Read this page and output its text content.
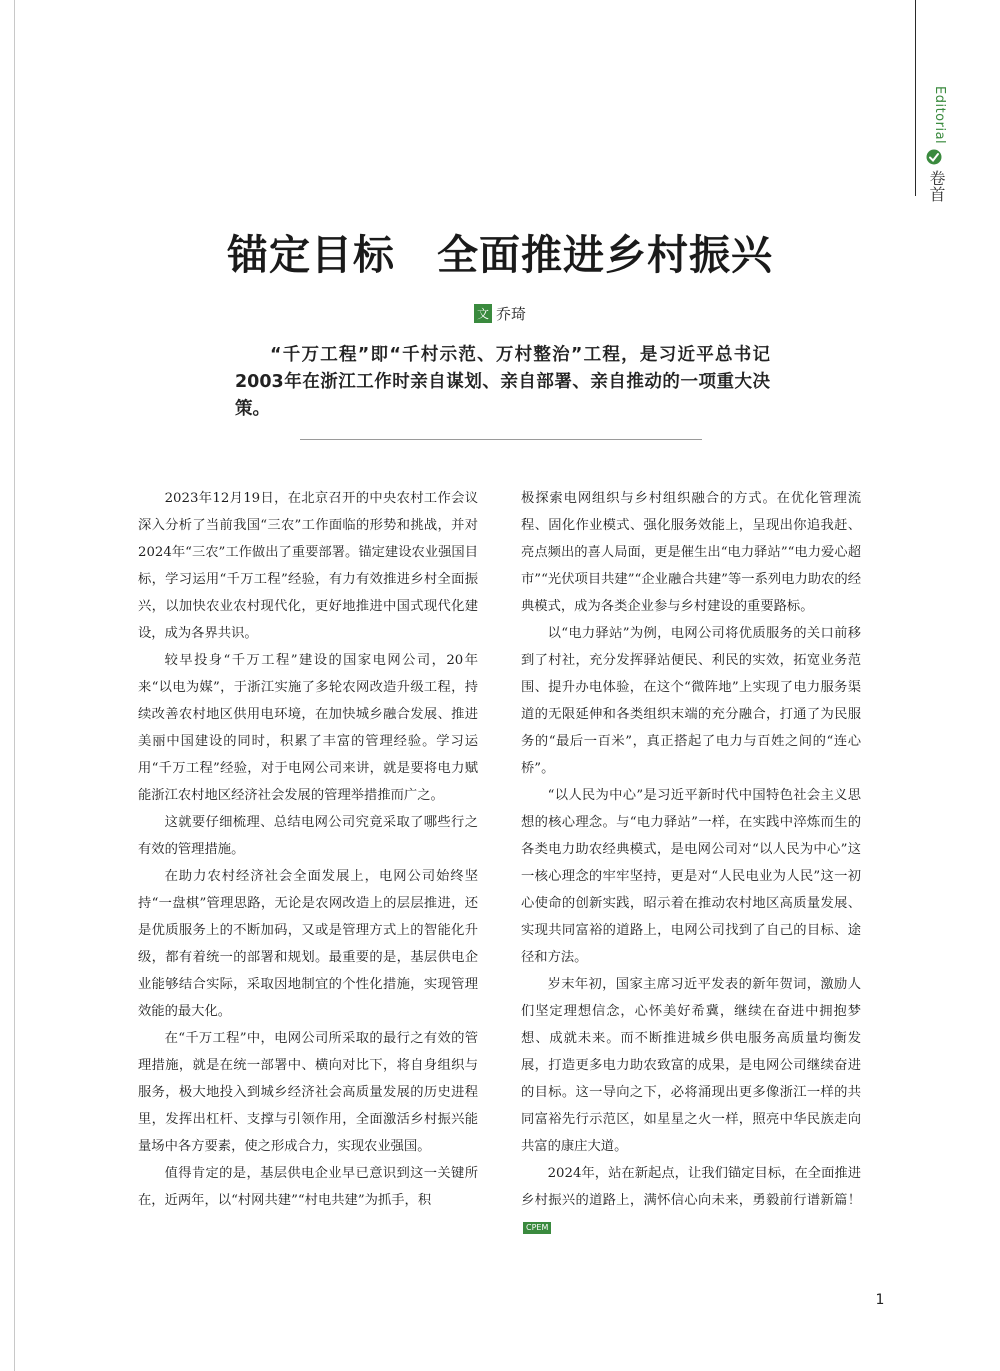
Editorial
卷首
锚定目标　全面推进乡村振兴
文 乔琦
“千万工程”即“千村示范、万村整治”工程，是习近平总书记2003年在浙江工作时亲自谋划、亲自部署、亲自推动的一项重大决策。

2023年12月19日，在北京召开的中央农村工作会议深入分析了当前我国“三农”工作面临的形势和挑战，并对2024年“三农”工作做出了重要部署。锚定建设农业强国目标，学习运用“千万工程”经验，有力有效推进乡村全面振兴，以加快农业农村现代化，更好地推进中国式现代化建设，成为各界共识。

较早投身“千万工程”建设的国家电网公司，20年来“以电为媒”，于浙江实施了多轮农网改造升级工程，持续改善农村地区供用电环境，在加快城乡融合发展、推进美丽中国建设的同时，积累了丰富的管理经验。学习运用“千万工程”经验，对于电网公司来讲，就是要将电力赋能浙江农村地区经济社会发展的管理举措推而广之。

这就要仔细梳理、总结电网公司究竟采取了哪些行之有效的管理措施。

在助力农村经济社会全面发展上，电网公司始终坚持“一盘棋”管理思路，无论是农网改造上的层层推进，还是优质服务上的不断加码，又或是管理方式上的智能化升级，都有着统一的部署和规划。最重要的是，基层供电企业能够结合实际，采取因地制宜的个性化措施，实现管理效能的最大化。

在“千万工程”中，电网公司所采取的最行之有效的管理措施，就是在统一部署中、横向对比下，将自身组织与服务，极大地投入到城乡经济社会高质量发展的历史进程里，发挥出杠杆、支撑与引领作用，全面激活乡村振兴能量场中各方要素，使之形成合力，实现农业强国。

值得肯定的是，基层供电企业早已意识到这一关键所在，近两年，以“村网共建”“村电共建”为抓手，积

极探索电网组织与乡村组织融合的方式。在优化管理流程、固化作业模式、强化服务效能上，呈现出你追我赶、亮点频出的喜人局面，更是催生出“电力驿站”“电力爱心超市”“光伏项目共建”“企业融合共建”等一系列电力助农的经典模式，成为各类企业参与乡村建设的重要路标。

以“电力驿站”为例，电网公司将优质服务的关口前移到了村社，充分发挥驿站便民、利民的实效，拓宽业务范围、提升办电体验，在这个“微阵地”上实现了电力服务渠道的无限延伸和各类组织末端的充分融合，打通了为民服务的“最后一百米”，真正搭起了电力与百姓之间的“连心桥”。

“以人民为中心”是习近平新时代中国特色社会主义思想的核心理念。与“电力驿站”一样，在实践中淬炼而生的各类电力助农经典模式，是电网公司对“以人民为中心”这一核心理念的牢牢坚持，更是对“人民电业为人民”这一初心使命的创新实践，昭示着在推动农村地区高质量发展、实现共同富裕的道路上，电网公司找到了自己的目标、途径和方法。

岁末年初，国家主席习近平发表的新年贺词，激励人们坚定理想信念，心怀美好希冀，继续在奋进中拥抱梦想、成就未来。而不断推进城乡供电服务高质量均衡发展，打造更多电力助农致富的成果，是电网公司继续奋进的目标。这一导向之下，必将涌现出更多像浙江一样的共同富裕先行示范区，如星星之火一样，照亮中华民族走向共富的康庄大道。

2024年，站在新起点，让我们锚定目标，在全面推进乡村振兴的道路上，满怀信心向未来，勇毅前行谱新篇！CPEM

1
